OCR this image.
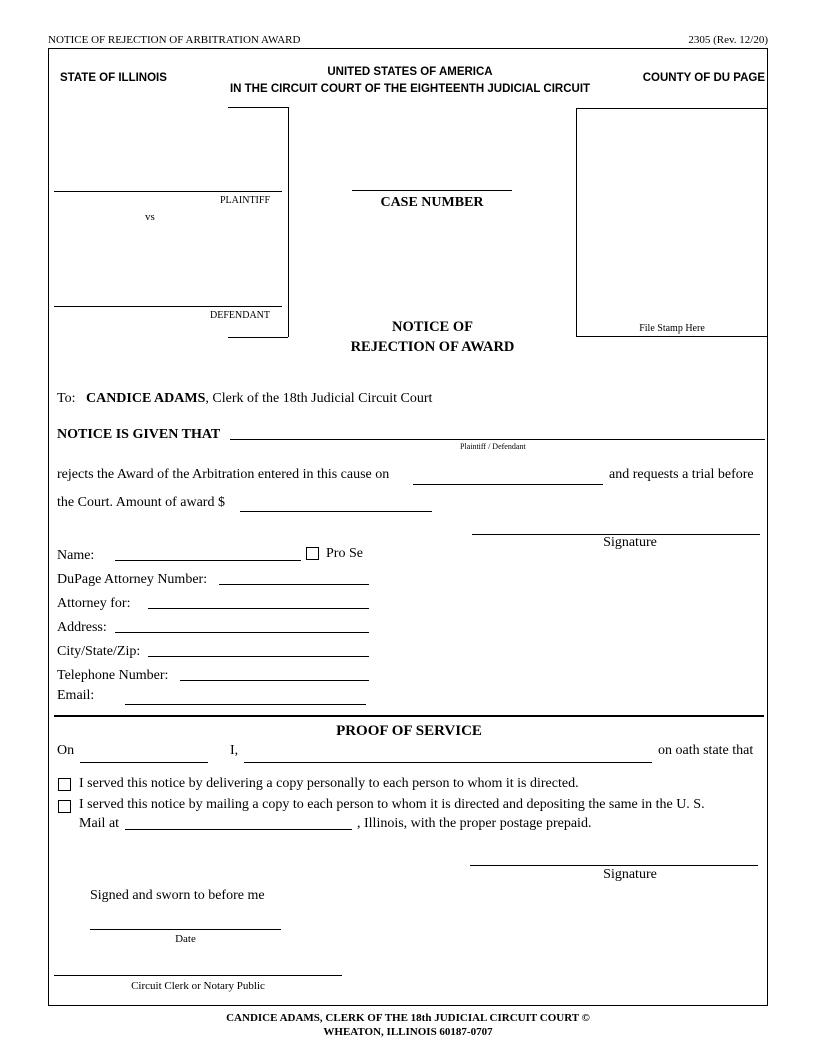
NOTICE OF REJECTION OF ARBITRATION AWARD	2305 (Rev. 12/20)
STATE OF ILLINOIS	UNITED STATES OF AMERICA
IN THE CIRCUIT COURT OF THE EIGHTEENTH JUDICIAL CIRCUIT
COUNTY OF DU PAGE
PLAINTIFF
vs
DEFENDANT
CASE NUMBER
NOTICE OF
REJECTION OF AWARD
File Stamp Here
To: CANDICE ADAMS, Clerk of the 18th Judicial Circuit Court
NOTICE IS GIVEN THAT
Plaintiff / Defendant
rejects the Award of the Arbitration entered in this cause on	and requests a trial before
the Court. Amount of award $
Signature
Name:	Pro Se
DuPage Attorney Number:
Attorney for:
Address:
City/State/Zip:
Telephone Number:
Email:
PROOF OF SERVICE
On	I,	on oath state that
I served this notice by delivering a copy personally to each person to whom it is directed.
I served this notice by mailing a copy to each person to whom it is directed and depositing the same in the U. S.
Mail at	, Illinois, with the proper postage prepaid.
Signature
Signed and sworn to before me
Date
Circuit Clerk or Notary Public
CANDICE ADAMS, CLERK OF THE 18th JUDICIAL CIRCUIT COURT ©
WHEATON, ILLINOIS 60187-0707
